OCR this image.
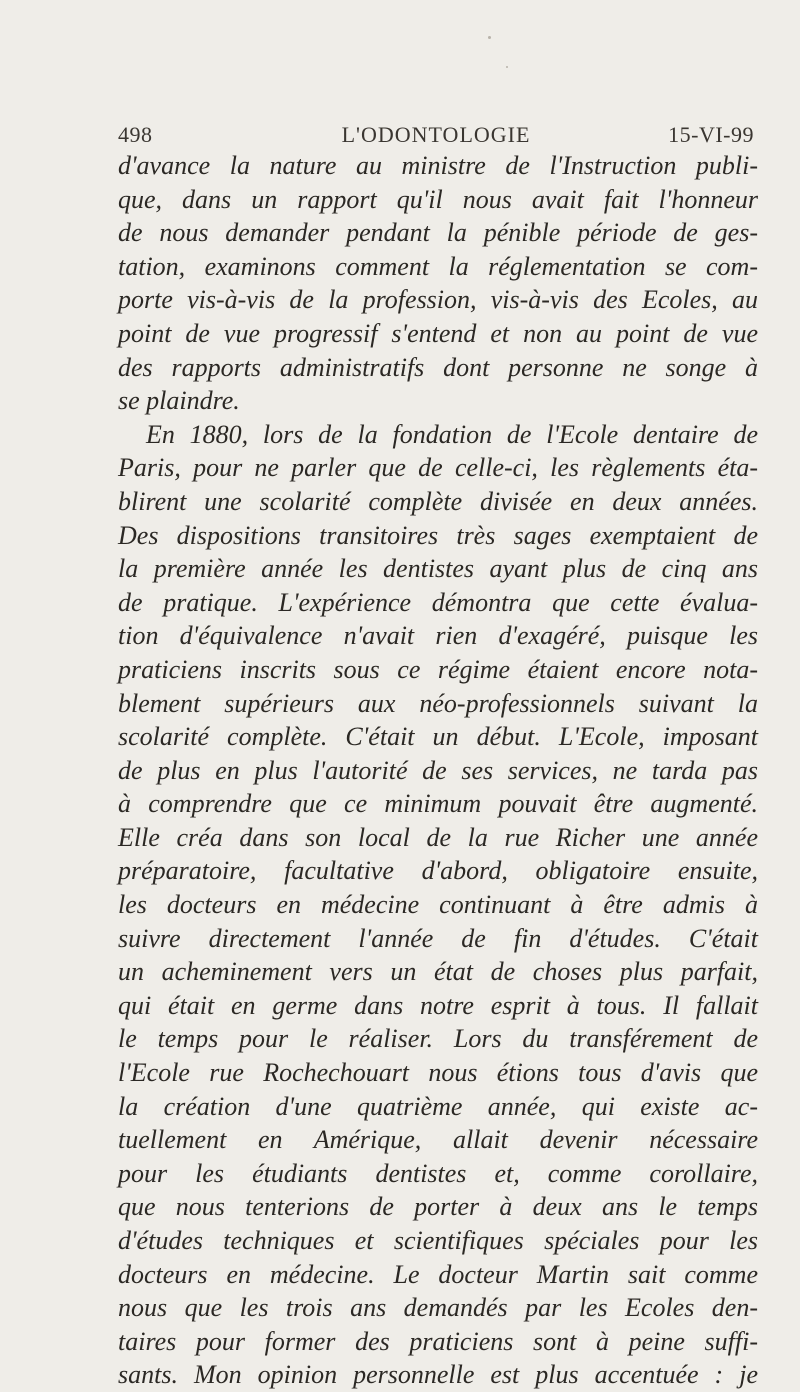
498	L'ODONTOLOGIE	15-VI-99
d'avance la nature au ministre de l'Instruction publi-
que, dans un rapport qu'il nous avait fait l'honneur
de nous demander pendant la pénible période de ges-
tation, examinons comment la réglementation se com-
porte vis-à-vis de la profession, vis-à-vis des Ecoles, au
point de vue progressif s'entend et non au point de vue
des rapports administratifs dont personne ne songe à
se plaindre.
En 1880, lors de la fondation de l'Ecole dentaire de
Paris, pour ne parler que de celle-ci, les règlements éta-
blirent une scolarité complète divisée en deux années.
Des dispositions transitoires très sages exemptaient de
la première année les dentistes ayant plus de cinq ans
de pratique. L'expérience démontra que cette évalua-
tion d'équivalence n'avait rien d'exagéré, puisque les
praticiens inscrits sous ce régime étaient encore nota-
blement supérieurs aux néo-professionnels suivant la
scolarité complète. C'était un début. L'Ecole, imposant
de plus en plus l'autorité de ses services, ne tarda pas
à comprendre que ce minimum pouvait être augmenté.
Elle créa dans son local de la rue Richer une année
préparatoire, facultative d'abord, obligatoire ensuite,
les docteurs en médecine continuant à être admis à
suivre directement l'année de fin d'études. C'était
un acheminement vers un état de choses plus parfait,
qui était en germe dans notre esprit à tous. Il fallait
le temps pour le réaliser. Lors du transférement de
l'Ecole rue Rochechouart nous étions tous d'avis que
la création d'une quatrième année, qui existe ac-
tuellement en Amérique, allait devenir nécessaire
pour les étudiants dentistes et, comme corollaire,
que nous tenterions de porter à deux ans le temps
d'études techniques et scientifiques spéciales pour les
docteurs en médecine. Le docteur Martin sait comme
nous que les trois ans demandés par les Ecoles den-
taires pour former des praticiens sont à peine suffi-
sants. Mon opinion personnelle est plus accentuée : je
